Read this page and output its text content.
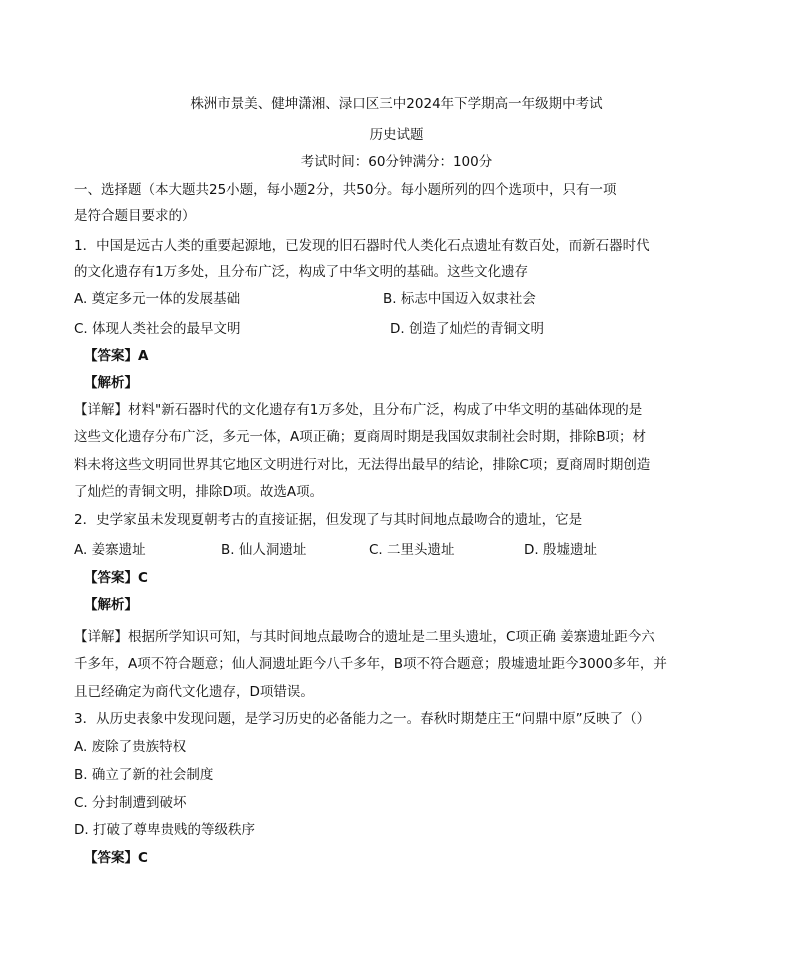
株洲市景美、健坤潇湘、渌口区三中2024年下学期高一年级期中考试
历史试题
考试时间：60分钟满分：100分
一、选择题（本大题共25小题，每小题2分，共50分。每小题所列的四个选项中，只有一项
是符合题目要求的）
1．中国是远古人类的重要起源地，已发现的旧石器时代人类化石点遗址有数百处，而新石器时代
的文化遗存有1万多处，且分布广泛，构成了中华文明的基础。这些文化遗存
A. 奠定多元一体的发展基础	B. 标志中国迈入奴隶社会
C. 体现人类社会的最早文明	D. 创造了灿烂的青铜文明
【答案】A
【解析】
【详解】材料"新石器时代的文化遗存有1万多处，且分布广泛，构成了中华文明的基础体现的是
这些文化遗存分布广泛，多元一体，A项正确；夏商周时期是我国奴隶制社会时期，排除B项；材
料未将这些文明同世界其它地区文明进行对比，无法得出最早的结论，排除C项；夏商周时期创造
了灿烂的青铜文明，排除D项。故选A项。
2．史学家虽未发现夏朝考古的直接证据，但发现了与其时间地点最吻合的遗址，它是
A. 姜寨遗址	B. 仙人洞遗址	C. 二里头遗址	D. 殷墟遗址
【答案】C
【解析】
【详解】根据所学知识可知，与其时间地点最吻合的遗址是二里头遗址，C项正确 姜寨遗址距今六
千多年，A项不符合题意；仙人洞遗址距今八千多年，B项不符合题意；殷墟遗址距今3000多年，并
且已经确定为商代文化遗存，D项错误。
3．从历史表象中发现问题，是学习历史的必备能力之一。春秋时期楚庄王“问鼎中原”反映了（）
A. 废除了贵族特权
B. 确立了新的社会制度
C. 分封制遭到破坏
D. 打破了尊卑贵贱的等级秩序
【答案】C
